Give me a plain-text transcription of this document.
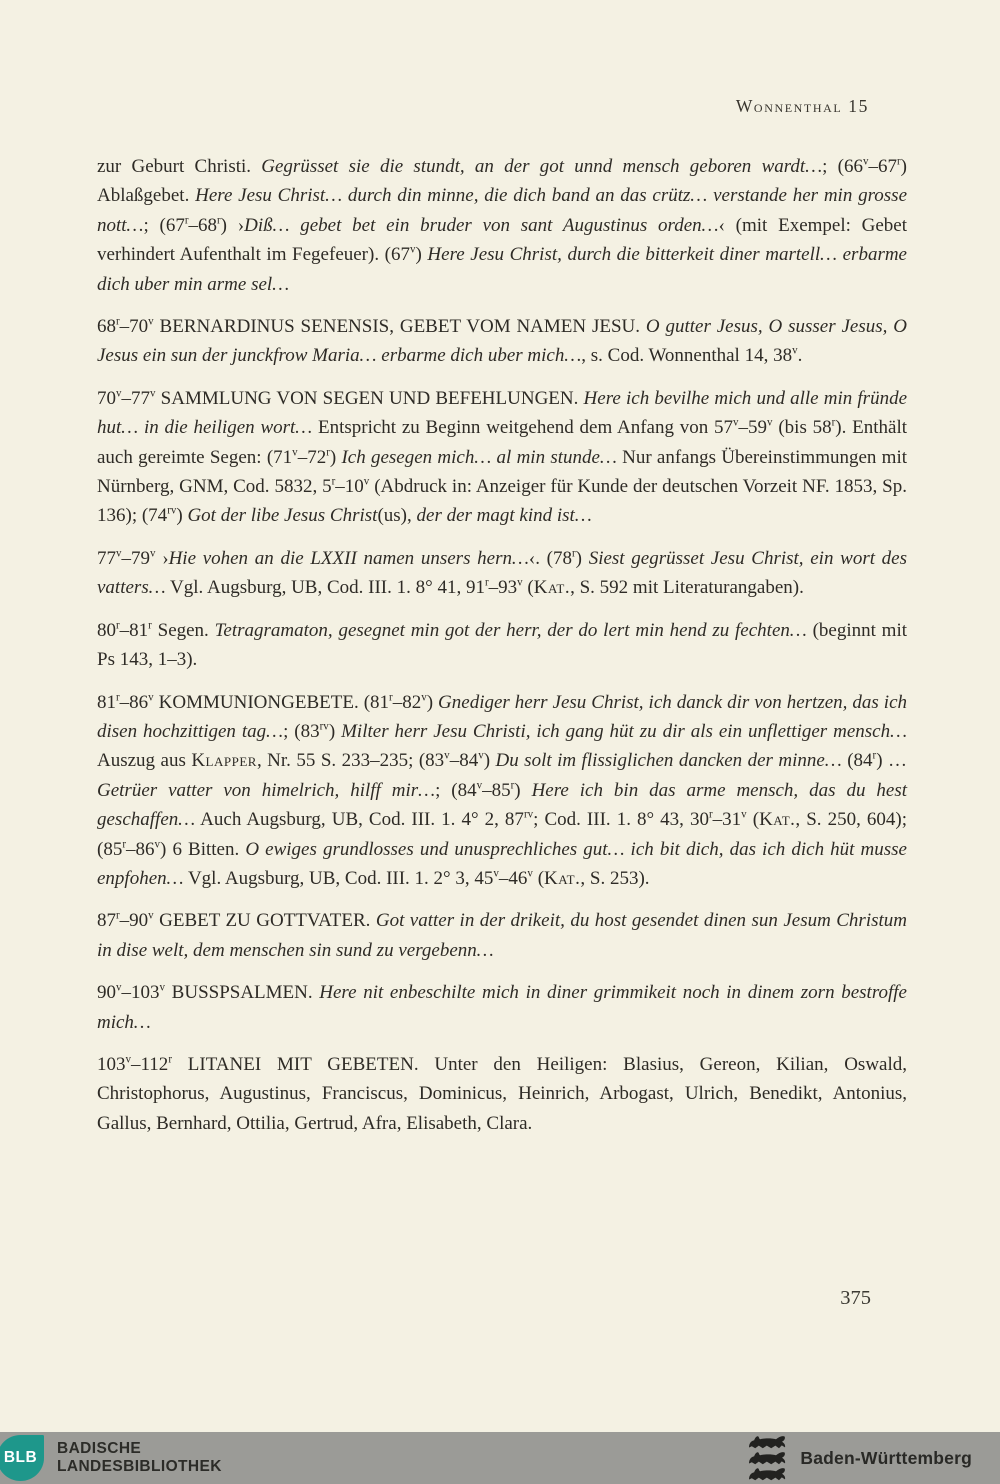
Wonnenthal 15

zur Geburt Christi. Gegrüsset sie die stundt, an der got unnd mensch geboren wardt…; (66$^v$–67$^r$) Ablaßgebet. Here Jesu Christ… durch din minne, die dich band an das crütz… verstande her min grosse nott…; (67$^r$–68$^r$) ›Diß… gebet bet ein bruder von sant Augustinus orden…‹ (mit Exempel: Gebet verhindert Aufenthalt im Fegefeuer). (67$^v$) Here Jesu Christ, durch die bitterkeit diner martell… erbarme dich uber min arme sel…

68$^r$–70$^v$ BERNARDINUS SENENSIS, GEBET VOM NAMEN JESU. O gutter Jesus, O susser Jesus, O Jesus ein sun der junckfrow Maria… erbarme dich uber mich…, s. Cod. Wonnenthal 14, 38$^v$.

70$^v$–77$^v$ SAMMLUNG VON SEGEN UND BEFEHLUNGEN. Here ich bevilhe mich und alle min fründe hut… in die heiligen wort… Entspricht zu Beginn weitgehend dem Anfang von 57$^v$–59$^v$ (bis 58$^r$). Enthält auch gereimte Segen: (71$^v$–72$^r$) Ich gesegen mich… al min stunde… Nur anfangs Übereinstimmungen mit Nürnberg, GNM, Cod. 5832, 5$^r$–10$^v$ (Abdruck in: Anzeiger für Kunde der deutschen Vorzeit NF. 1853, Sp. 136); $(74^{rv})$ Got der libe Jesus Christ(us), der der magt kind ist…

77$^v$–79$^v$ ›Hie vohen an die LXXII namen unsers hern…‹. (78$^r$) Siest gegrüsset Jesu Christ, ein wort des vatters… Vgl. Augsburg, UB, Cod. III. 1. 8° 41, 91$^r$–93$^v$ (Kat., S. 592 mit Literaturangaben).

80$^r$–81$^r$ Segen. Tetragramaton, gesegnet min got der herr, der do lert min hend zu fechten… (beginnt mit Ps 143, 1–3).

81$^r$–86$^v$ KOMMUNIONGEBETE. (81$^r$–82$^v$) Gnediger herr Jesu Christ, ich danck dir von hertzen, das ich disen hochzittigen tag…; $(83^{rv})$ Milter herr Jesu Christi, ich gang hüt zu dir als ein unflettiger mensch… Auszug aus Klapper, Nr. 55 S. 233–235; (83$^v$–84$^v$) Du solt im flissiglichen dancken der minne… (84$^r$) … Getrüer vatter von himelrich, hilff mir…; (84$^v$–85$^r$) Here ich bin das arme mensch, das du hest geschaffen… Auch Augsburg, UB, Cod. III. 1. 4° 2, $87^{rv}$; Cod. III. 1. 8° 43, 30$^r$–31$^v$ (Kat., S. 250, 604); (85$^r$–86$^v$) 6 Bitten. O ewiges grundlosses und unusprechliches gut… ich bit dich, das ich dich hüt musse enpfohen… Vgl. Augsburg, UB, Cod. III. 1. 2° 3, 45$^v$–46$^v$ (Kat., S. 253).

87$^r$–90$^v$ GEBET ZU GOTTVATER. Got vatter in der drikeit, du host gesendet dinen sun Jesum Christum in dise welt, dem menschen sin sund zu vergebenn…

90$^v$–103$^v$ BUSSPSALMEN. Here nit enbeschilte mich in diner grimmikeit noch in dinem zorn bestroffe mich…

103$^v$–112$^r$ LITANEI MIT GEBETEN. Unter den Heiligen: Blasius, Gereon, Kilian, Oswald, Christophorus, Augustinus, Franciscus, Dominicus, Heinrich, Arbogast, Ulrich, Benedikt, Antonius, Gallus, Bernhard, Ottilia, Gertrud, Afra, Elisabeth, Clara.

375
BLB
BADISCHE
LANDESBIBLIOTHEK	Baden-Württemberg
